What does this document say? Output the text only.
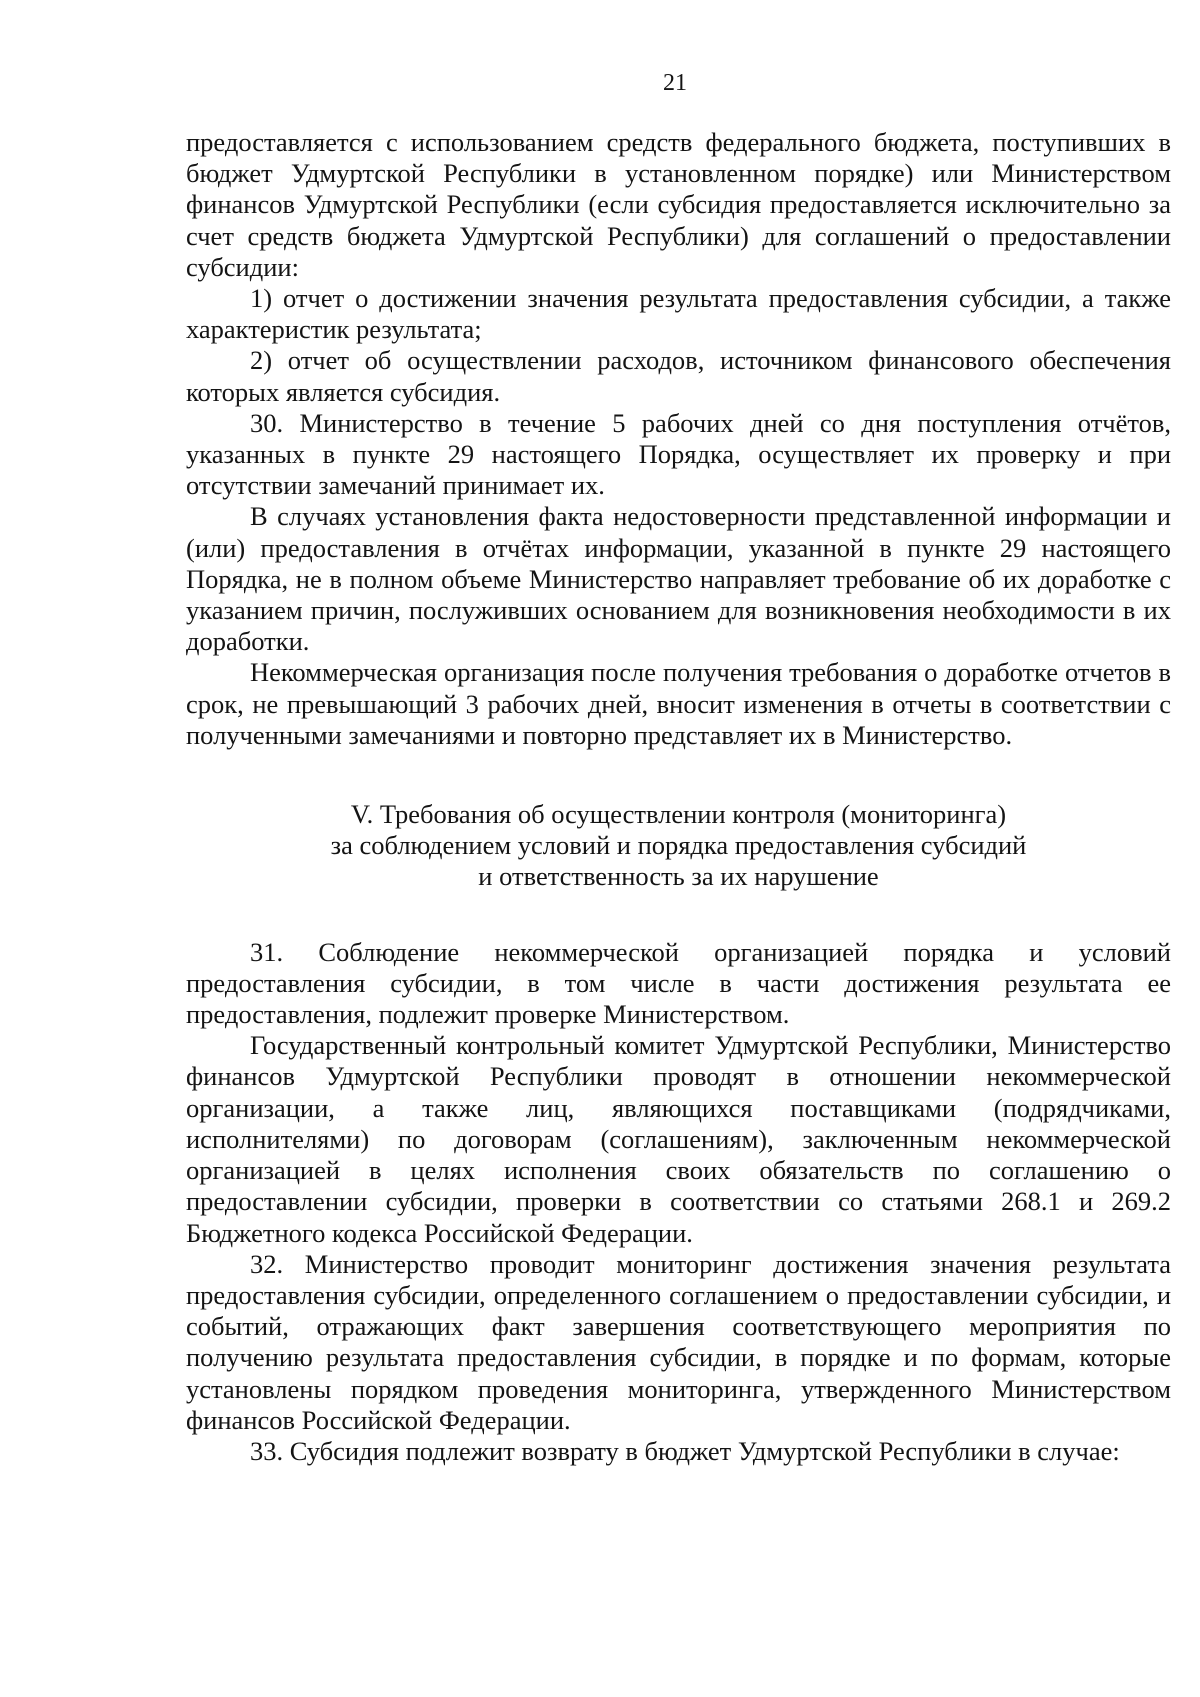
21

предоставляется с использованием средств федерального бюджета, поступивших в бюджет Удмуртской Республики в установленном порядке) или Министерством финансов Удмуртской Республики (если субсидия предоставляется исключительно за счет средств бюджета Удмуртской Республики) для соглашений о предоставлении субсидии:

1) отчет о достижении значения результата предоставления субсидии, а также характеристик результата;

2) отчет об осуществлении расходов, источником финансового обеспечения которых является субсидия.

30. Министерство в течение 5 рабочих дней со дня поступления отчётов, указанных в пункте 29 настоящего Порядка, осуществляет их проверку и при отсутствии замечаний принимает их.

В случаях установления факта недостоверности представленной информации и (или) предоставления в отчётах информации, указанной в пункте 29 настоящего Порядка, не в полном объеме Министерство направляет требование об их доработке с указанием причин, послуживших основанием для возникновения необходимости в их доработки.

Некоммерческая организация после получения требования о доработке отчетов в срок, не превышающий 3 рабочих дней, вносит изменения в отчеты в соответствии с полученными замечаниями и повторно представляет их в Министерство.

V. Требования об осуществлении контроля (мониторинга)
за соблюдением условий и порядка предоставления субсидий
и ответственность за их нарушение

31. Соблюдение некоммерческой организацией порядка и условий предоставления субсидии, в том числе в части достижения результата ее предоставления, подлежит проверке Министерством.

Государственный контрольный комитет Удмуртской Республики, Министерство финансов Удмуртской Республики проводят в отношении некоммерческой организации, а также лиц, являющихся поставщиками (подрядчиками, исполнителями) по договорам (соглашениям), заключенным некоммерческой организацией в целях исполнения своих обязательств по соглашению о предоставлении субсидии, проверки в соответствии со статьями 268.1 и 269.2 Бюджетного кодекса Российской Федерации.

32. Министерство проводит мониторинг достижения значения результата предоставления субсидии, определенного соглашением о предоставлении субсидии, и событий, отражающих факт завершения соответствующего мероприятия по получению результата предоставления субсидии, в порядке и по формам, которые установлены порядком проведения мониторинга, утвержденного Министерством финансов Российской Федерации.

33. Субсидия подлежит возврату в бюджет Удмуртской Республики в случае:
